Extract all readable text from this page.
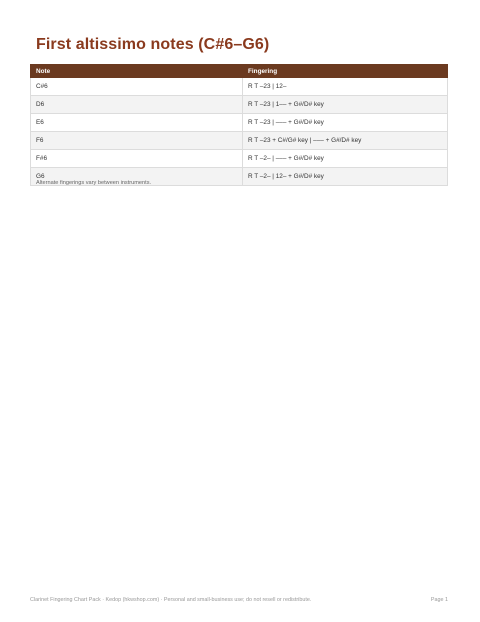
First altissimo notes (C#6–G6)
Note	Fingering
C#6	R T –23 | 12–
D6	R T –23 | 1–– + G#/D# key
E6	R T –23 | ––– + G#/D# key
F6	R T –23 + C#/G# key | ––– + G#/D# key
F#6	R T –2– | ––– + G#/D# key
G6	R T –2– | 12– + G#/D# key

Alternate fingerings vary between instruments.

Clarinet Fingering Chart Pack · Kedop (hkwshop.com) · Personal and small-business use; do not resell or redistribute.	Page 1
